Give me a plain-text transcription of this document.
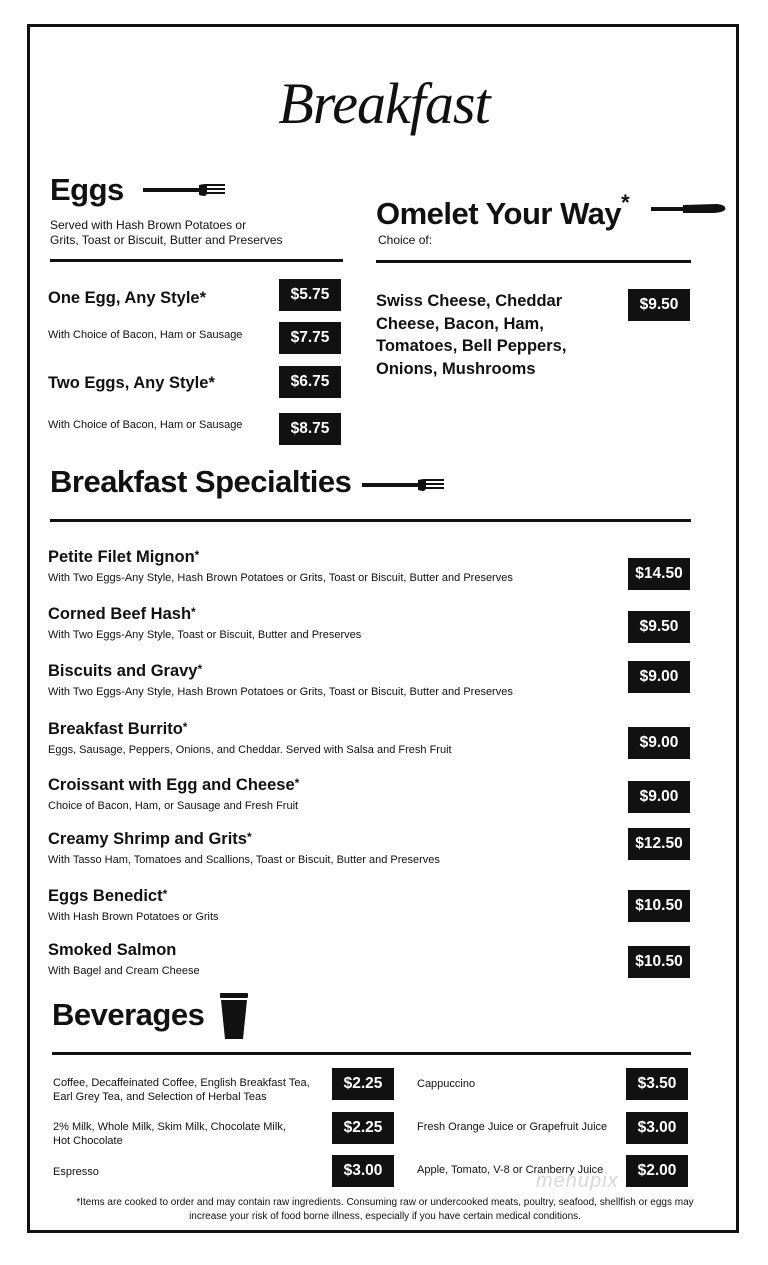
Breakfast
Eggs
Served with Hash Brown Potatoes or
Grits, Toast or Biscuit, Butter and Preserves
One Egg, Any Style*	$5.75
With Choice of Bacon, Ham or Sausage	$7.75
Two Eggs, Any Style*	$6.75
With Choice of Bacon, Ham or Sausage	$8.75
Omelet Your Way*
Choice of:
Swiss Cheese, Cheddar Cheese, Bacon, Ham, Tomatoes, Bell Peppers, Onions, Mushrooms
$9.50
Breakfast Specialties
Petite Filet Mignon*
With Two Eggs-Any Style, Hash Brown Potatoes or Grits, Toast or Biscuit, Butter and Preserves	$14.50
Corned Beef Hash*
With Two Eggs-Any Style, Toast or Biscuit, Butter and Preserves	$9.50
Biscuits and Gravy*
With Two Eggs-Any Style, Hash Brown Potatoes or Grits, Toast or Biscuit, Butter and Preserves
$9.00
Breakfast Burrito*
Eggs, Sausage, Peppers, Onions, and Cheddar. Served with Salsa and Fresh Fruit	$9.00
Croissant with Egg and Cheese*
Choice of Bacon, Ham, or Sausage and Fresh Fruit
$9.00
Creamy Shrimp and Grits*
With Tasso Ham, Tomatoes and Scallions, Toast or Biscuit, Butter and Preserves
$12.50
Eggs Benedict*
With Hash Brown Potatoes or Grits
$10.50
Smoked Salmon
With Bagel and Cream Cheese
$10.50
Beverages
Coffee, Decaffeinated Coffee, English Breakfast Tea,
Earl Grey Tea, and Selection of Herbal Teas
$2.25
2% Milk, Whole Milk, Skim Milk, Chocolate Milk,
Hot Chocolate
$2.25
Espresso	$3.00
Cappuccino	$3.50
Fresh Orange Juice or Grapefruit Juice	$3.00
Apple, Tomato, V-8 or Cranberry Juice	$2.00
menupix
*Items are cooked to order and may contain raw ingredients. Consuming raw or undercooked meats, poultry, seafood, shellfish or eggs may increase your risk of food borne illness, especially if you have certain medical conditions.
